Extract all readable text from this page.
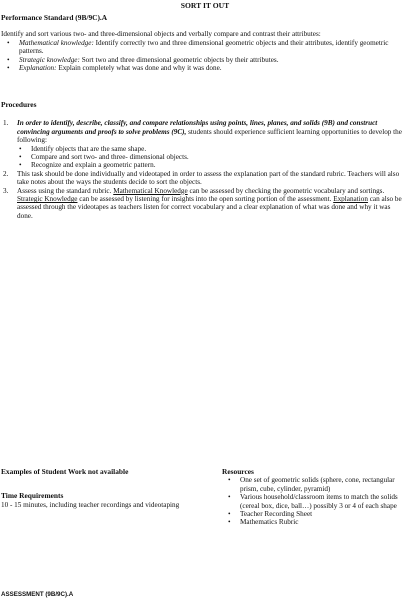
SORT IT OUT

Performance Standard (9B/9C).A

Identify and sort various two- and three-dimensional objects and verbally compare and contrast their attributes:

• Mathematical knowledge: Identify correctly two and three dimensional geometric objects and their attributes, identify geometric patterns.
• Strategic knowledge: Sort two and three dimensional geometric objects by their attributes.
• Explanation: Explain completely what was done and why it was done.

Procedures

1. In order to identify, describe, classify, and compare relationships using points, lines, planes, and solids (9B) and construct convincing arguments and proofs to solve problems (9C), students should experience sufficient learning opportunities to develop the following:
• Identify objects that are the same shape.
• Compare and sort two- and three- dimensional objects.
• Recognize and explain a geometric pattern.
2. This task should be done individually and videotaped in order to assess the explanation part of the standard rubric. Teachers will also take notes about the ways the students decide to sort the objects.
3. Assess using the standard rubric. Mathematical Knowledge can be assessed by checking the geometric vocabulary and sortings. Strategic Knowledge can be assessed by listening for insights into the open sorting portion of the assessment. Explanation can also be assessed through the videotapes as teachers listen for correct vocabulary and a clear explanation of what was done and why it was done.

Examples of Student Work not available

Time Requirements

10 - 15 minutes, including teacher recordings and videotaping

Resources

• One set of geometric solids (sphere, cone, rectangular prism, cube, cylinder, pyramid)
• Various household/classroom items to match the solids (cereal box, dice, ball…) possibly 3 or 4 of each shape
• Teacher Recording Sheet
• Mathematics Rubric
ASSESSMENT (9B/9C).A
